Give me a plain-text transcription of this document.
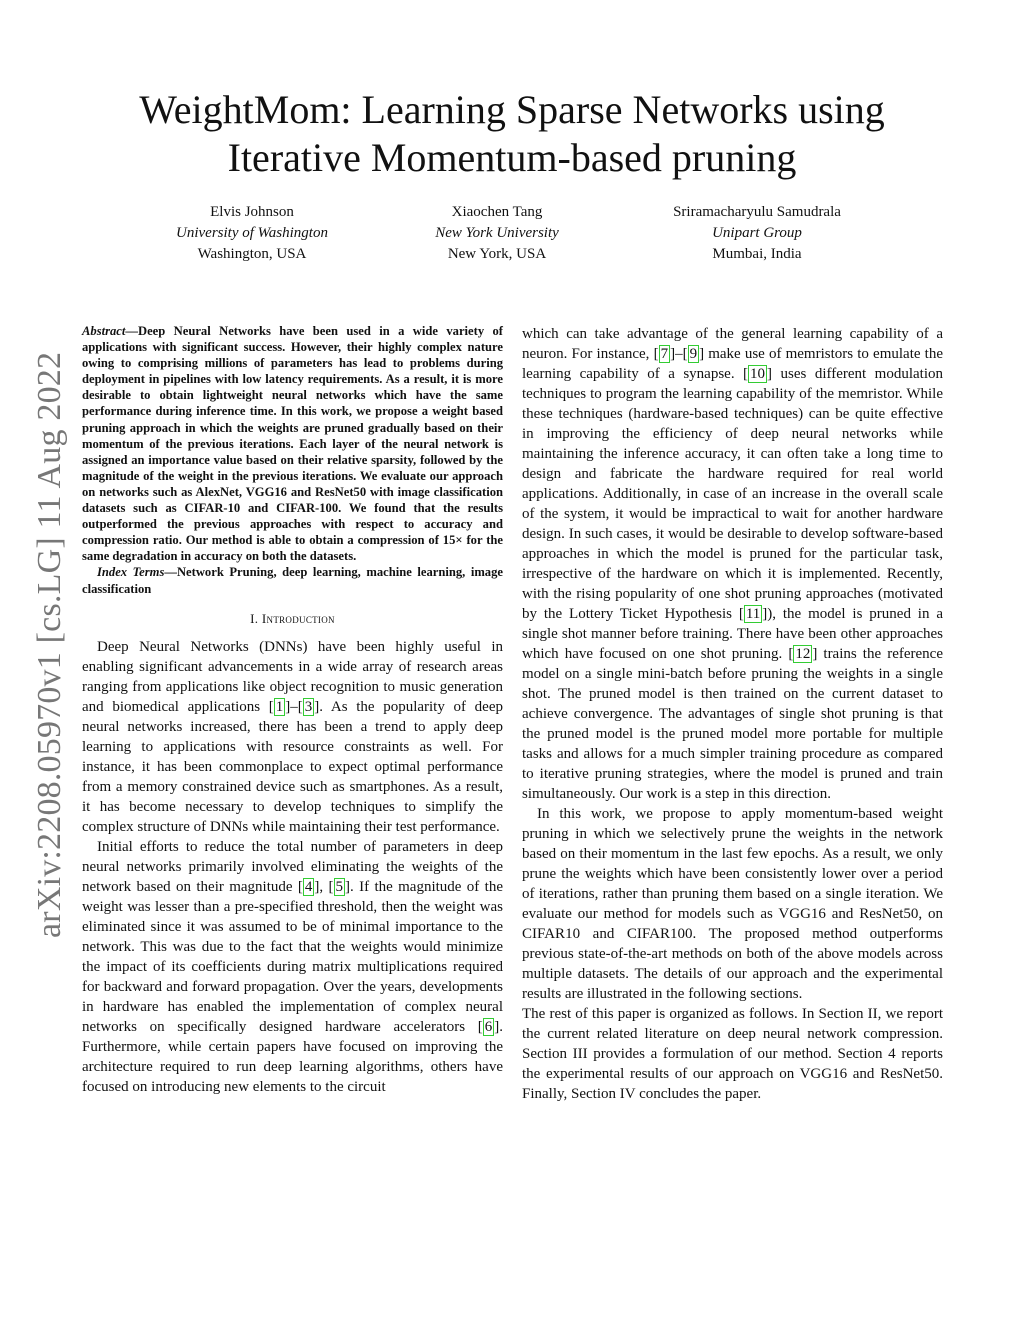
arXiv:2208.05970v1 [cs.LG] 11 Aug 2022
WeightMom: Learning Sparse Networks using Iterative Momentum-based pruning
Elvis Johnson
University of Washington
Washington, USA
Xiaochen Tang
New York University
New York, USA
Sriramacharyulu Samudrala
Unipart Group
Mumbai, India

Abstract—Deep Neural Networks have been used in a wide variety of applications with significant success. However, their highly complex nature owing to comprising millions of parameters has lead to problems during deployment in pipelines with low latency requirements. As a result, it is more desirable to obtain lightweight neural networks which have the same performance during inference time. In this work, we propose a weight based pruning approach in which the weights are pruned gradually based on their momentum of the previous iterations. Each layer of the neural network is assigned an importance value based on their relative sparsity, followed by the magnitude of the weight in the previous iterations. We evaluate our approach on networks such as AlexNet, VGG16 and ResNet50 with image classification datasets such as CIFAR-10 and CIFAR-100. We found that the results outperformed the previous approaches with respect to accuracy and compression ratio. Our method is able to obtain a compression of 15× for the same degradation in accuracy on both the datasets.

Index Terms—Network Pruning, deep learning, machine learning, image classification

I. Introduction

Deep Neural Networks (DNNs) have been highly useful in enabling significant advancements in a wide array of research areas ranging from applications like object recognition to music generation and biomedical applications [ 1 ]–[ 3 ]. As the popularity of deep neural networks increased, there has been a trend to apply deep learning to applications with resource constraints as well. For instance, it has been commonplace to expect optimal performance from a memory constrained device such as smartphones. As a result, it has become necessary to develop techniques to simplify the complex structure of DNNs while maintaining their test performance.

Initial efforts to reduce the total number of parameters in deep neural networks primarily involved eliminating the weights of the network based on their magnitude [ 4 ], [ 5 ]. If the magnitude of the weight was lesser than a pre-specified threshold, then the weight was eliminated since it was assumed to be of minimal importance to the network. This was due to the fact that the weights would minimize the impact of its coefficients during matrix multiplications required for backward and forward propagation. Over the years, developments in hardware has enabled the implementation of complex neural networks on specifically designed hardware accelerators [ 6 ]. Furthermore, while certain papers have focused on improving the architecture required to run deep learning algorithms, others have focused on introducing new elements to the circuit

which can take advantage of the general learning capability of a neuron. For instance, [ 7 ]–[ 9 ] make use of memristors to emulate the learning capability of a synapse. [ 10 ] uses different modulation techniques to program the learning capability of the memristor. While these techniques (hardware-based techniques) can be quite effective in improving the efficiency of deep neural networks while maintaining the inference accuracy, it can often take a long time to design and fabricate the hardware required for real world applications. Additionally, in case of an increase in the overall scale of the system, it would be impractical to wait for another hardware design. In such cases, it would be desirable to develop software-based approaches in which the model is pruned for the particular task, irrespective of the hardware on which it is implemented. Recently, with the rising popularity of one shot pruning approaches (motivated by the Lottery Ticket Hypothesis [ 11 ]), the model is pruned in a single shot manner before training. There have been other approaches which have focused on one shot pruning. [ 12 ] trains the reference model on a single mini-batch before pruning the weights in a single shot. The pruned model is then trained on the current dataset to achieve convergence. The advantages of single shot pruning is that the pruned model is the pruned model more portable for multiple tasks and allows for a much simpler training procedure as compared to iterative pruning strategies, where the model is pruned and train simultaneously. Our work is a step in this direction.

In this work, we propose to apply momentum-based weight pruning in which we selectively prune the weights in the network based on their momentum in the last few epochs. As a result, we only prune the weights which have been consistently lower over a period of iterations, rather than pruning them based on a single iteration. We evaluate our method for models such as VGG16 and ResNet50, on CIFAR10 and CIFAR100. The proposed method outperforms previous state-of-the-art methods on both of the above models across multiple datasets. The details of our approach and the experimental results are illustrated in the following sections.

The rest of this paper is organized as follows. In Section II, we report the current related literature on deep neural network compression. Section III provides a formulation of our method. Section 4 reports the experimental results of our approach on VGG16 and ResNet50. Finally, Section IV concludes the paper.
